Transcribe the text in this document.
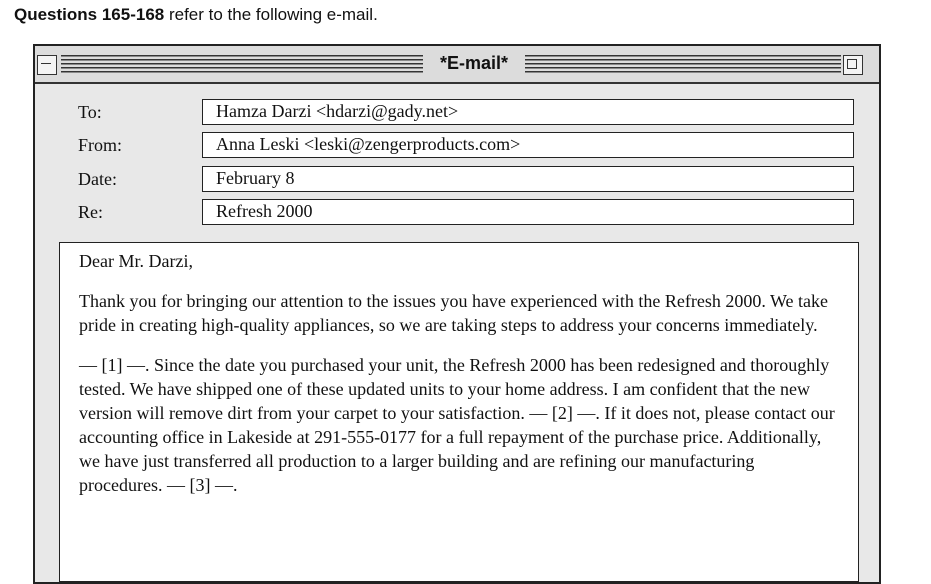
Questions 165-168 refer to the following e-mail.
*E-mail*
To:	Hamza Darzi <hdarzi@gady.net>
From:	Anna Leski <leski@zengerproducts.com>
Date:	February 8
Re:	Refresh 2000

Dear Mr. Darzi,

Thank you for bringing our attention to the issues you have experienced with the Refresh 2000. We take pride in creating high-quality appliances, so we are taking steps to address your concerns immediately.

— [1] —. Since the date you purchased your unit, the Refresh 2000 has been redesigned and thoroughly tested. We have shipped one of these updated units to your home address. I am confident that the new version will remove dirt from your carpet to your satisfaction. — [2] —. If it does not, please contact our accounting office in Lakeside at 291-555-0177 for a full repayment of the purchase price. Additionally, we have just transferred all production to a larger building and are refining our manufacturing procedures. — [3] —.
